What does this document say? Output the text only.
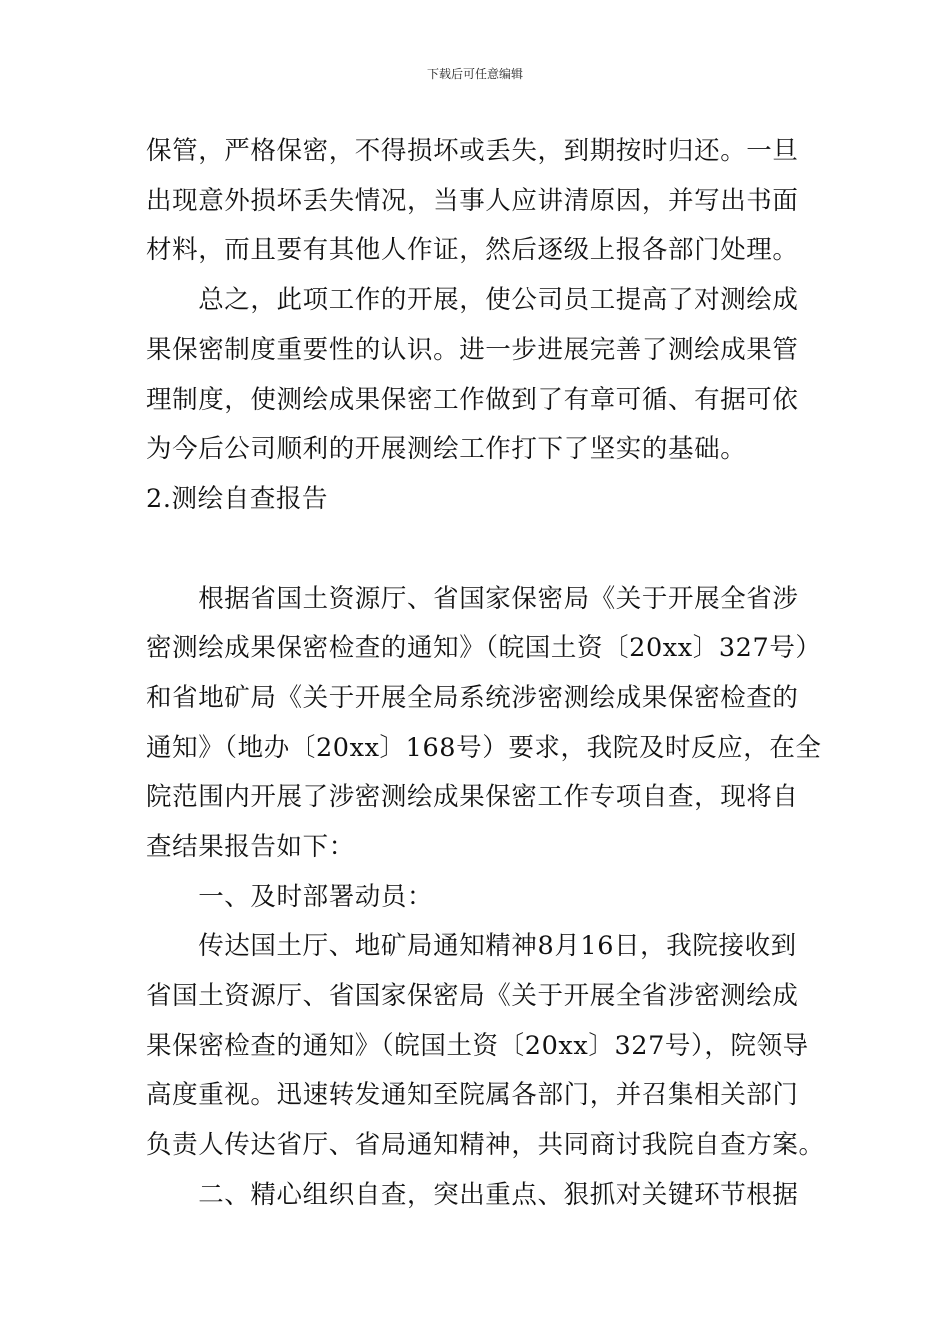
下载后可任意编辑
保管，严格保密，不得损坏或丢失，到期按时归还。一旦
出现意外损坏丢失情况，当事人应讲清原因，并写出书面
材料，而且要有其他人作证，然后逐级上报各部门处理。
　　总之，此项工作的开展，使公司员工提高了对测绘成
果保密制度重要性的认识。进一步进展完善了测绘成果管
理制度，使测绘成果保密工作做到了有章可循、有据可依
为今后公司顺利的开展测绘工作打下了坚实的基础。
2.测绘自查报告
　　根据省国土资源厅、省国家保密局《关于开展全省涉
密测绘成果保密检查的通知》（皖国土资〔20xx〕327号）
和省地矿局《关于开展全局系统涉密测绘成果保密检查的
通知》（地办〔20xx〕168号）要求，我院及时反应，在全
院范围内开展了涉密测绘成果保密工作专项自查，现将自
查结果报告如下：
　　一、及时部署动员：
　　传达国土厅、地矿局通知精神8月16日，我院接收到
省国土资源厅、省国家保密局《关于开展全省涉密测绘成
果保密检查的通知》（皖国土资〔20xx〕327号），院领导
高度重视。迅速转发通知至院属各部门，并召集相关部门
负责人传达省厅、省局通知精神，共同商讨我院自查方案。
　　二、精心组织自查，突出重点、狠抓对关键环节根据
